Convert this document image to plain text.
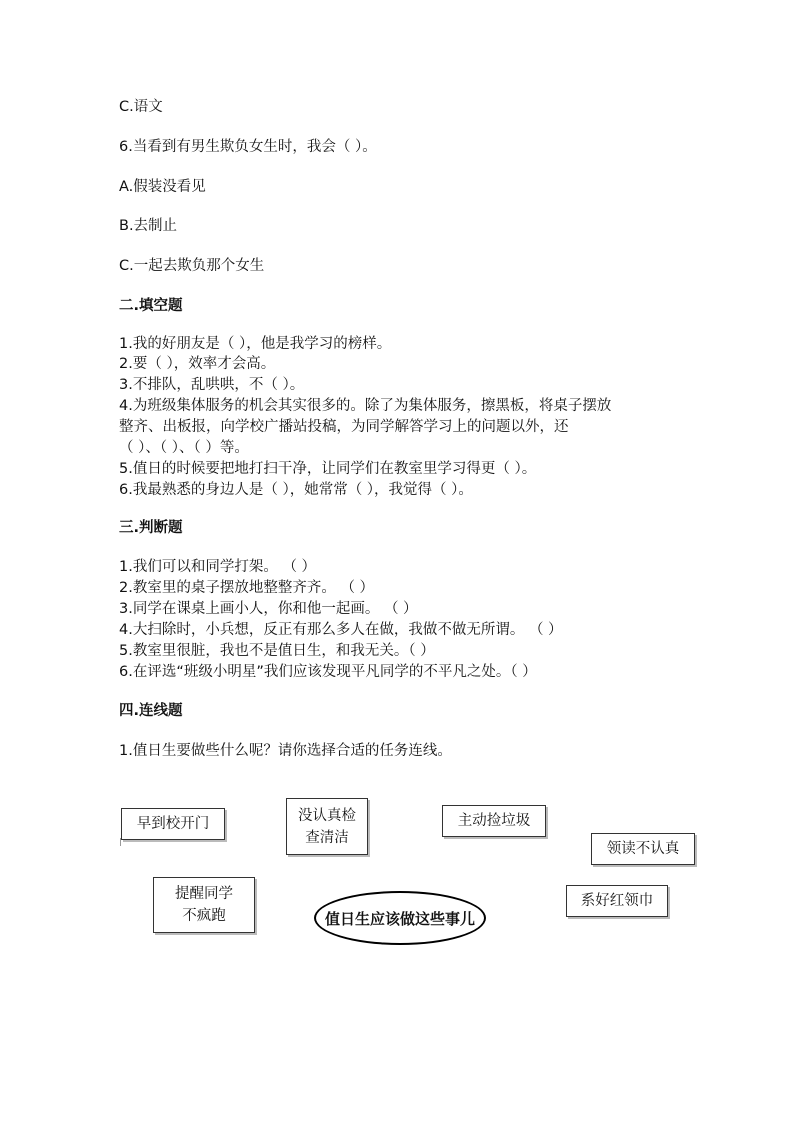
C.语文
6.当看到有男生欺负女生时，我会（ ）。
A.假装没看见
B.去制止
C.一起去欺负那个女生
二.填空题
1.我的好朋友是（ ），他是我学习的榜样。
2.要（ ），效率才会高。
3.不排队，乱哄哄，不（ ）。
4.为班级集体服务的机会其实很多的。除了为集体服务，擦黑板，将桌子摆放
整齐、出板报，向学校广播站投稿，为同学解答学习上的问题以外，还
（ ）、（ ）、（ ）等。
5.值日的时候要把地打扫干净，让同学们在教室里学习得更（ ）。
6.我最熟悉的身边人是（ ），她常常（ ），我觉得（ ）。
三.判断题
1.我们可以和同学打架。 （ ）
2.教室里的桌子摆放地整整齐齐。 （ ）
3.同学在课桌上画小人，你和他一起画。 （ ）
4.大扫除时，小兵想，反正有那么多人在做，我做不做无所谓。 （ ）
5.教室里很脏，我也不是值日生，和我无关。（ ）
6.在评选“班级小明星”我们应该发现平凡同学的不平凡之处。（ ）
四.连线题
1.值日生要做些什么呢？请你选择合适的任务连线。
早到校开门
没认真检
查清洁
主动捡垃圾
领读不认真
提醒同学
不疯跑	值日生应该做这些事儿
系好红领巾
